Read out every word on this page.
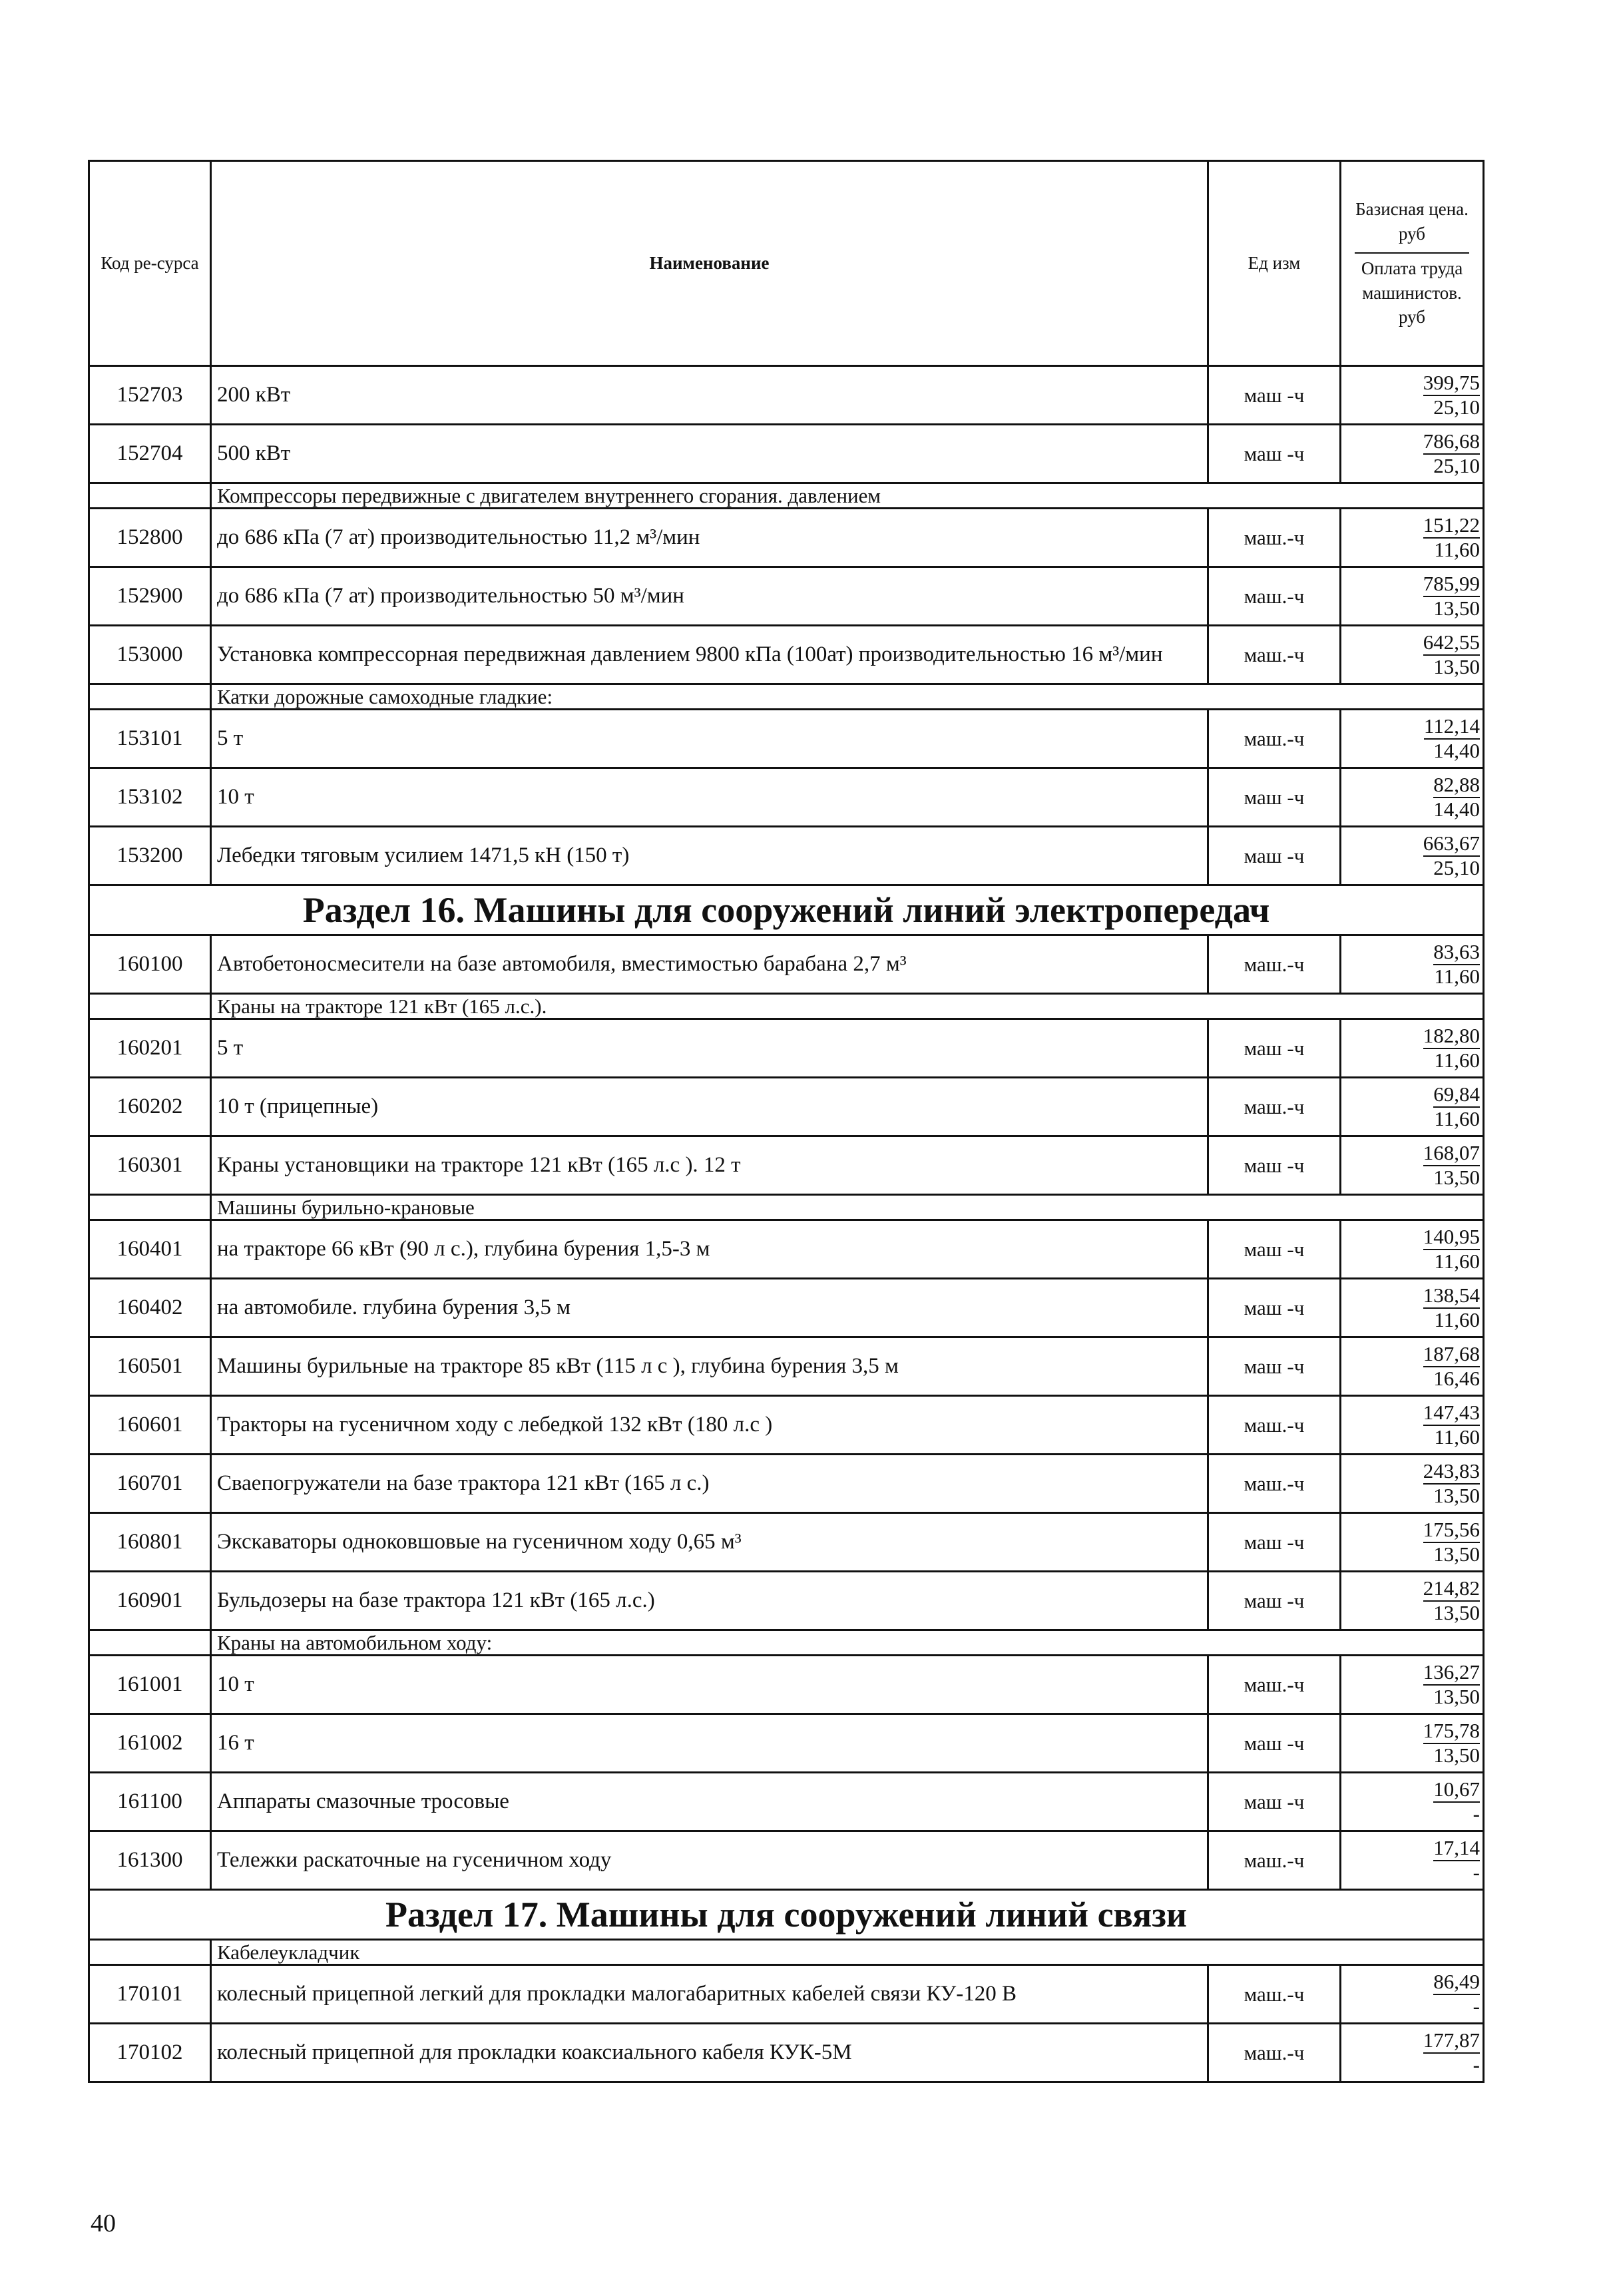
Код ре-сурса	Наименование	Ед изм	Базисная цена. руб
Оплата труда машинистов. руб

152703	200 кВт	маш -ч	399,75
25,10

152704	500 кВт	маш -ч	786,68
25,10

	Компрессоры передвижные с двигателем внутреннего сгорания. давлением		
152800	до 686 кПа (7 ат) производительностью 11,2 м³/мин	маш.-ч	151,22
11,60

152900	до 686 кПа (7 ат) производительностью 50 м³/мин	маш.-ч	785,99
13,50

153000	Установка компрессорная передвижная давлением 9800 кПа (100ат) производительностью 16 м³/мин	маш.-ч	642,55
13,50

	Катки дорожные самоходные гладкие:		
153101	5 т	маш.-ч	112,14
14,40

153102	10 т	маш -ч	82,88
14,40

153200	Лебедки тяговым усилием 1471,5 кН (150 т)	маш -ч	663,67
25,10

Раздел 16. Машины для сооружений линий электропередач			
160100	Автобетоносмесители на базе автомобиля, вместимостью барабана 2,7 м³	маш.-ч	83,63
11,60

	Краны на тракторе 121 кВт (165 л.с.).		
160201	5 т	маш -ч	182,80
11,60

160202	10 т (прицепные)	маш.-ч	69,84
11,60

160301	Краны установщики на тракторе 121 кВт (165 л.с ). 12 т	маш -ч	168,07
13,50

	Машины бурильно-крановые		
160401	на тракторе 66 кВт (90 л с.), глубина бурения 1,5-3 м	маш -ч	140,95
11,60

160402	на автомобиле. глубина бурения 3,5 м	маш -ч	138,54
11,60

160501	Машины бурильные на тракторе 85 кВт (115 л с ), глубина бурения 3,5 м	маш -ч	187,68
16,46

160601	Тракторы на гусеничном ходу с лебедкой 132 кВт (180 л.с )	маш.-ч	147,43
11,60

160701	Сваепогружатели на базе трактора 121 кВт (165 л с.)	маш.-ч	243,83
13,50

160801	Экскаваторы одноковшовые на гусеничном ходу 0,65 м³	маш -ч	175,56
13,50

160901	Бульдозеры на базе трактора 121 кВт (165 л.с.)	маш -ч	214,82
13,50

	Краны на автомобильном ходу:		
161001	10 т	маш.-ч	136,27
13,50

161002	16 т	маш -ч	175,78
13,50

161100	Аппараты смазочные тросовые	маш -ч	10,67
-

161300	Тележки раскаточные на гусеничном ходу	маш.-ч	17,14
-

Раздел 17. Машины для сооружений линий связи			
	Кабелеукладчик		
170101	колесный прицепной легкий для прокладки малогабаритных кабелей связи КУ-120 В	маш.-ч	86,49
-

170102	колесный прицепной для прокладки коаксиального кабеля КУК-5М	маш.-ч	177,87
-
40
